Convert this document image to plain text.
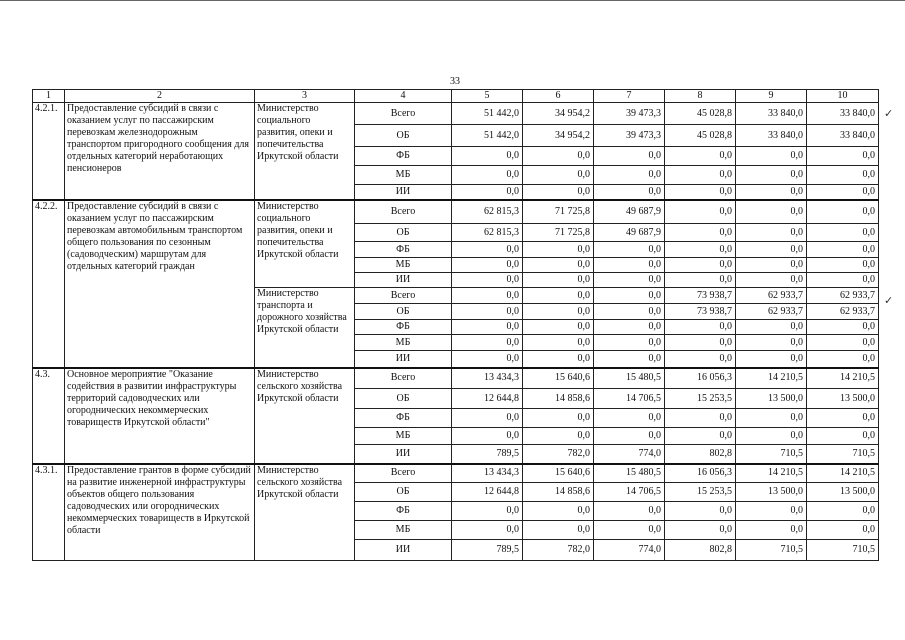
33
1	2	3	4	5	6	7	8	9	10
4.2.1.	Предоставление субсидий в связи с оказанием услуг по пассажирским перевозкам железнодорожным транспортом пригородного сообщения для отдельных категорий неработающих пенсионеров	Министерство социального развития, опеки и попечительства Иркутской области	Всего	51 442,0	34 954,2	39 473,3	45 028,8	33 840,0	33 840,0
			ОБ	51 442,0	34 954,2	39 473,3	45 028,8	33 840,0	33 840,0
			ФБ	0,0	0,0	0,0	0,0	0,0	0,0
			МБ	0,0	0,0	0,0	0,0	0,0	0,0
			ИИ	0,0	0,0	0,0	0,0	0,0	0,0
4.2.2.	Предоставление субсидий в связи с оказанием услуг по пассажирским перевозкам автомобильным транспортом общего пользования по сезонным (садоводческим) маршрутам для отдельных категорий граждан	Министерство социального развития, опеки и попечительства Иркутской области	Всего	62 815,3	71 725,8	49 687,9	0,0	0,0	0,0
			ОБ	62 815,3	71 725,8	49 687,9	0,0	0,0	0,0
			ФБ	0,0	0,0	0,0	0,0	0,0	0,0
			МБ	0,0	0,0	0,0	0,0	0,0	0,0
			ИИ	0,0	0,0	0,0	0,0	0,0	0,0
		Министерство транспорта и дорожного хозяйства Иркутской области	Всего	0,0	0,0	0,0	73 938,7	62 933,7	62 933,7
			ОБ	0,0	0,0	0,0	73 938,7	62 933,7	62 933,7
			ФБ	0,0	0,0	0,0	0,0	0,0	0,0
			МБ	0,0	0,0	0,0	0,0	0,0	0,0
			ИИ	0,0	0,0	0,0	0,0	0,0	0,0
4.3.	Основное мероприятие "Оказание содействия в развитии инфраструктуры территорий садоводческих или огороднических некоммерческих товариществ Иркутской области"	Министерство сельского хозяйства Иркутской области	Всего	13 434,3	15 640,6	15 480,5	16 056,3	14 210,5	14 210,5
			ОБ	12 644,8	14 858,6	14 706,5	15 253,5	13 500,0	13 500,0
			ФБ	0,0	0,0	0,0	0,0	0,0	0,0
			МБ	0,0	0,0	0,0	0,0	0,0	0,0
			ИИ	789,5	782,0	774,0	802,8	710,5	710,5
4.3.1.	Предоставление грантов в форме субсидий на развитие инженерной инфраструктуры объектов общего пользования садоводческих или огороднических некоммерческих товариществ в Иркутской области	Министерство сельского хозяйства Иркутской области	Всего	13 434,3	15 640,6	15 480,5	16 056,3	14 210,5	14 210,5
			ОБ	12 644,8	14 858,6	14 706,5	15 253,5	13 500,0	13 500,0
			ФБ	0,0	0,0	0,0	0,0	0,0	0,0
			МБ	0,0	0,0	0,0	0,0	0,0	0,0
			ИИ	789,5	782,0	774,0	802,8	710,5	710,5
✓
✓
